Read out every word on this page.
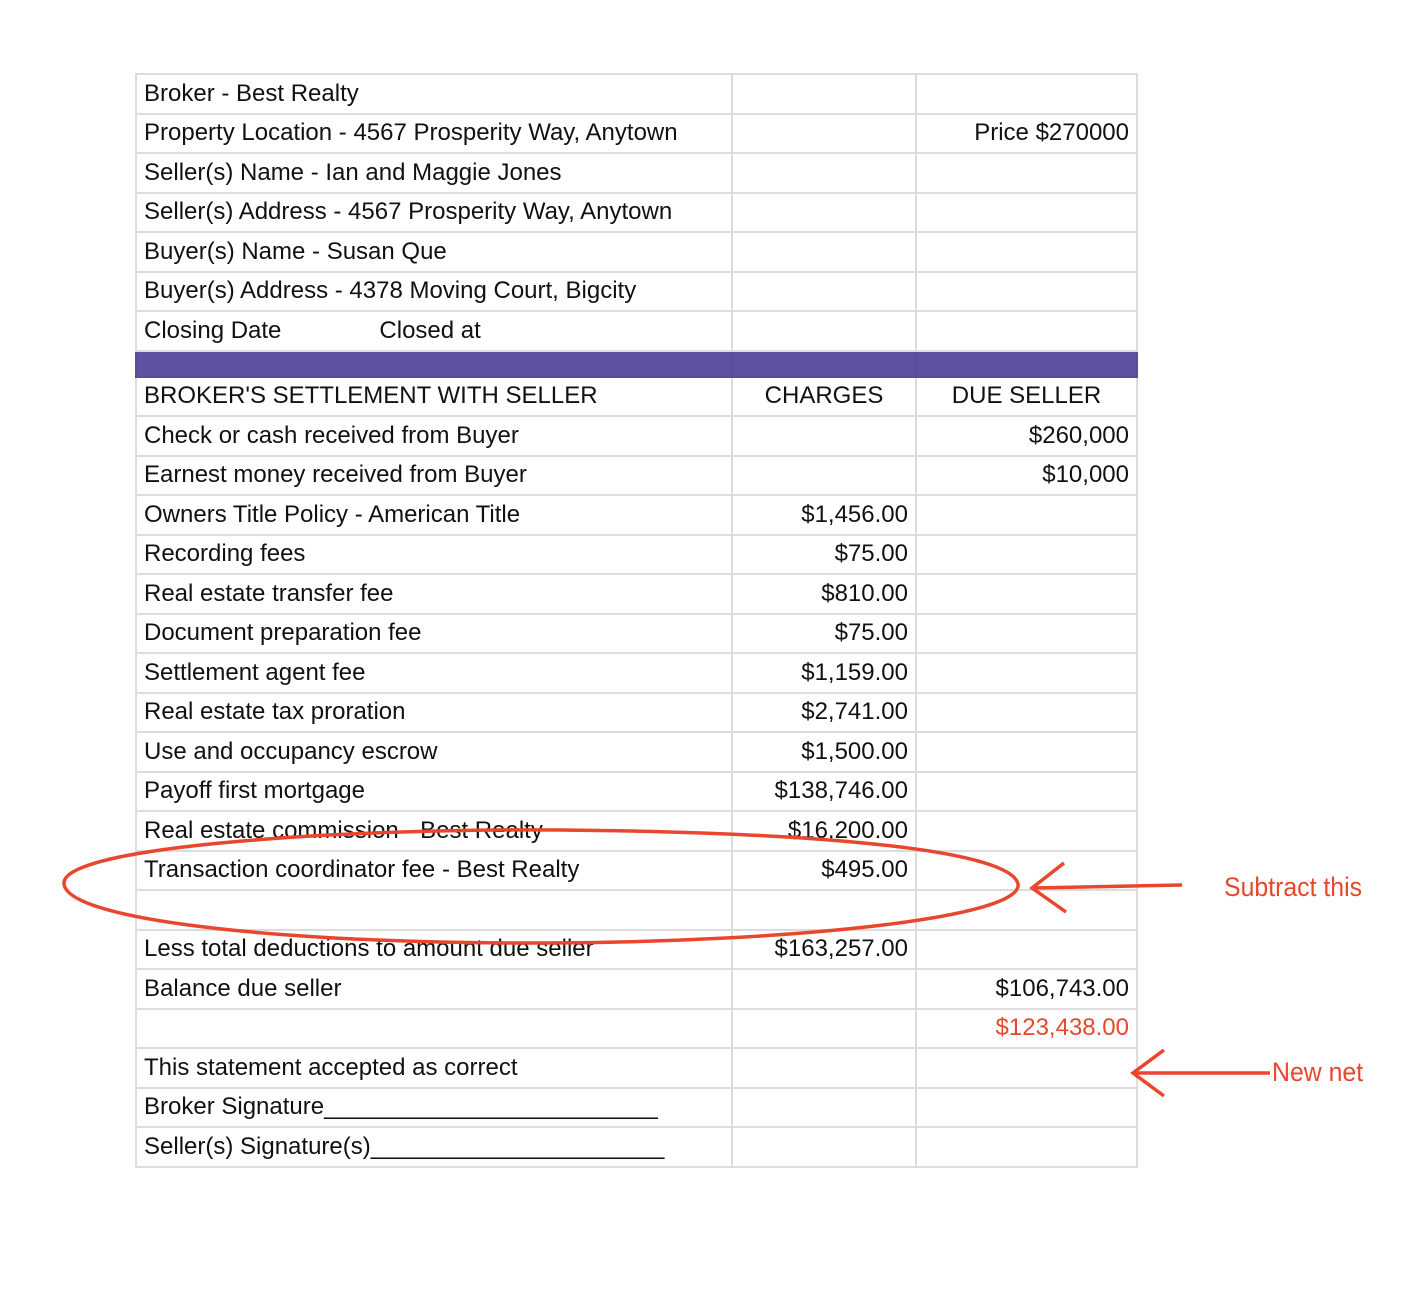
Broker - Best Realty		
Property Location - 4567 Prosperity Way, Anytown		Price $270000
Seller(s) Name - Ian and Maggie Jones		
Seller(s) Address - 4567 Prosperity Way, Anytown		
Buyer(s) Name - Susan Que		
Buyer(s) Address - 4378 Moving Court, Bigcity		
Closing Date Closed at		

BROKER'S SETTLEMENT WITH SELLER	CHARGES	DUE SELLER
Check or cash received from Buyer		$260,000
Earnest money received from Buyer		$10,000
Owners Title Policy - American Title	$1,456.00	
Recording fees	$75.00	
Real estate transfer fee	$810.00	
Document preparation fee	$75.00	
Settlement agent fee	$1,159.00	
Real estate tax proration	$2,741.00	
Use and occupancy escrow	$1,500.00	
Payoff first mortgage	$138,746.00	
Real estate commission - Best Realty	$16,200.00	
Transaction coordinator fee - Best Realty	$495.00	

Less total deductions to amount due seller	$163,257.00	
Balance due seller		$106,743.00
		$123,438.00
This statement accepted as correct		
Broker Signature_________________________		
Seller(s) Signature(s)______________________		
Subtract this
New net
